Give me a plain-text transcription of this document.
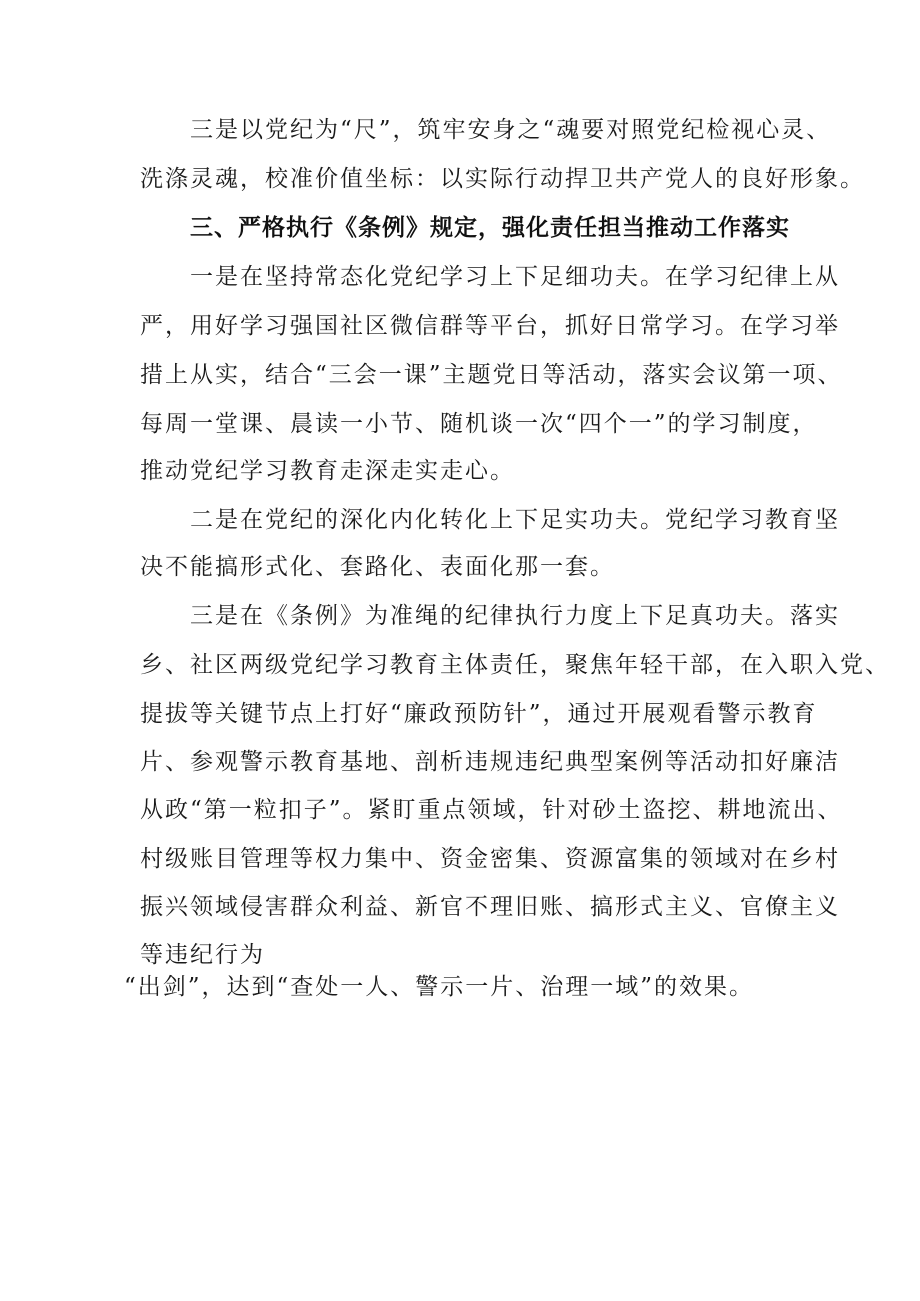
三是以党纪为“尺”，筑牢安身之“魂要对照党纪检视心灵、
洗涤灵魂，校准价值坐标：以实际行动捍卫共产党人的良好形象。
三、严格执行《条例》规定，强化责任担当推动工作落实
一是在坚持常态化党纪学习上下足细功夫。在学习纪律上从
严，用好学习强国社区微信群等平台，抓好日常学习。在学习举
措上从实，结合“三会一课”主题党日等活动，落实会议第一项、
每周一堂课、晨读一小节、随机谈一次“四个一”的学习制度，
推动党纪学习教育走深走实走心。
二是在党纪的深化内化转化上下足实功夫。党纪学习教育坚
决不能搞形式化、套路化、表面化那一套。
三是在《条例》为准绳的纪律执行力度上下足真功夫。落实
乡、社区两级党纪学习教育主体责任，聚焦年轻干部，在入职入党、
提拔等关键节点上打好“廉政预防针”，通过开展观看警示教育
片、参观警示教育基地、剖析违规违纪典型案例等活动扣好廉洁
从政“第一粒扣子”。紧盯重点领域，针对砂土盗挖、耕地流出、
村级账目管理等权力集中、资金密集、资源富集的领域对在乡村
振兴领域侵害群众利益、新官不理旧账、搞形式主义、官僚主义
等违纪行为
“出剑”，达到“查处一人、警示一片、治理一域”的效果。
